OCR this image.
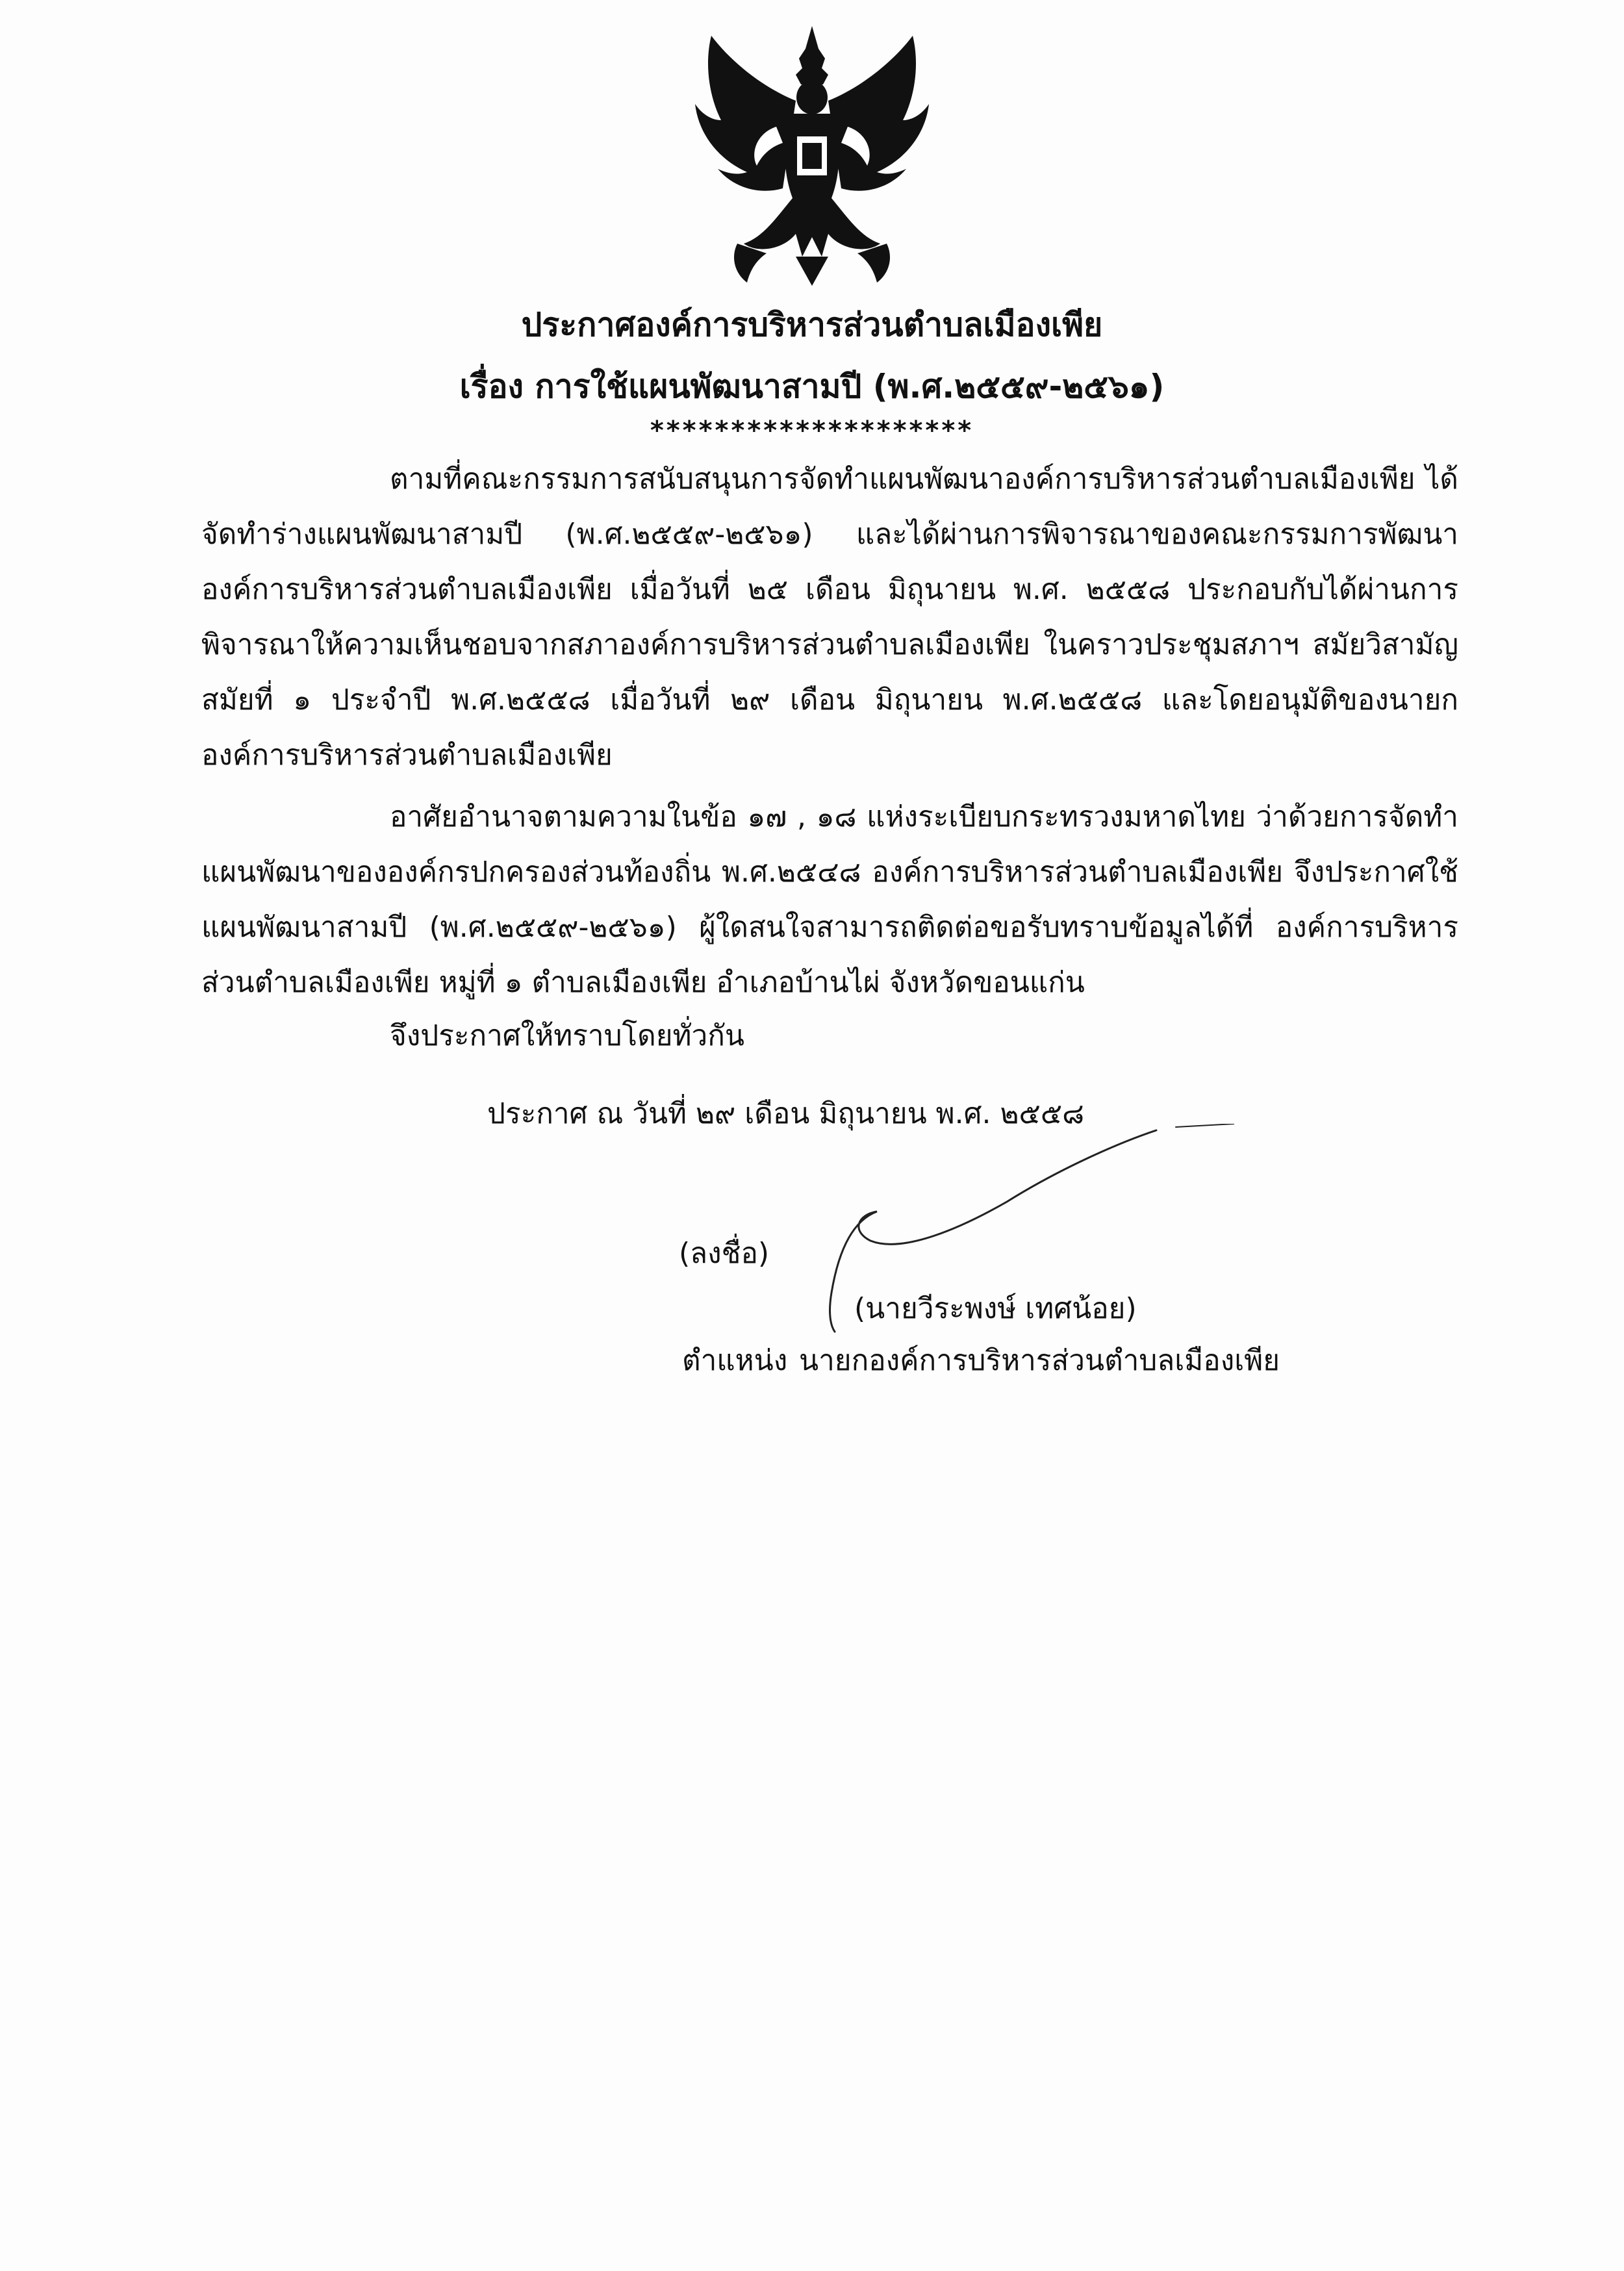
ประกาศองค์การบริหารส่วนตำบลเมืองเพีย
เรื่อง การใช้แผนพัฒนาสามปี (พ.ศ.๒๕๕๙-๒๕๖๑)
********************
ตามที่คณะกรรมการสนับสนุนการจัดทำแผนพัฒนาองค์การบริหารส่วนตำบลเมืองเพีย ได้จัดทำร่างแผนพัฒนาสามปี (พ.ศ.๒๕๕๙-๒๕๖๑) และได้ผ่านการพิจารณาของคณะกรรมการพัฒนาองค์การบริหารส่วนตำบลเมืองเพีย เมื่อวันที่ ๒๕ เดือน มิถุนายน พ.ศ. ๒๕๕๘ ประกอบกับได้ผ่านการพิจารณาให้ความเห็นชอบจากสภาองค์การบริหารส่วนตำบลเมืองเพีย ในคราวประชุมสภาฯ สมัยวิสามัญ สมัยที่ ๑ ประจำปี พ.ศ.๒๕๕๘ เมื่อวันที่ ๒๙ เดือน มิถุนายน พ.ศ.๒๕๕๘ และโดยอนุมัติของนายกองค์การบริหารส่วนตำบลเมืองเพีย
อาศัยอำนาจตามความในข้อ ๑๗ , ๑๘ แห่งระเบียบกระทรวงมหาดไทย ว่าด้วยการจัดทำแผนพัฒนาขององค์กรปกครองส่วนท้องถิ่น พ.ศ.๒๕๔๘ องค์การบริหารส่วนตำบลเมืองเพีย จึงประกาศใช้แผนพัฒนาสามปี (พ.ศ.๒๕๕๙-๒๕๖๑) ผู้ใดสนใจสามารถติดต่อขอรับทราบข้อมูลได้ที่ องค์การบริหารส่วนตำบลเมืองเพีย หมู่ที่ ๑ ตำบลเมืองเพีย อำเภอบ้านไผ่ จังหวัดขอนแก่น
จึงประกาศให้ทราบโดยทั่วกัน
ประกาศ ณ วันที่ ๒๙ เดือน มิถุนายน พ.ศ. ๒๕๕๘
(ลงชื่อ)
(นายวีระพงษ์ เทศน้อย)
ตำแหน่ง นายกองค์การบริหารส่วนตำบลเมืองเพีย
